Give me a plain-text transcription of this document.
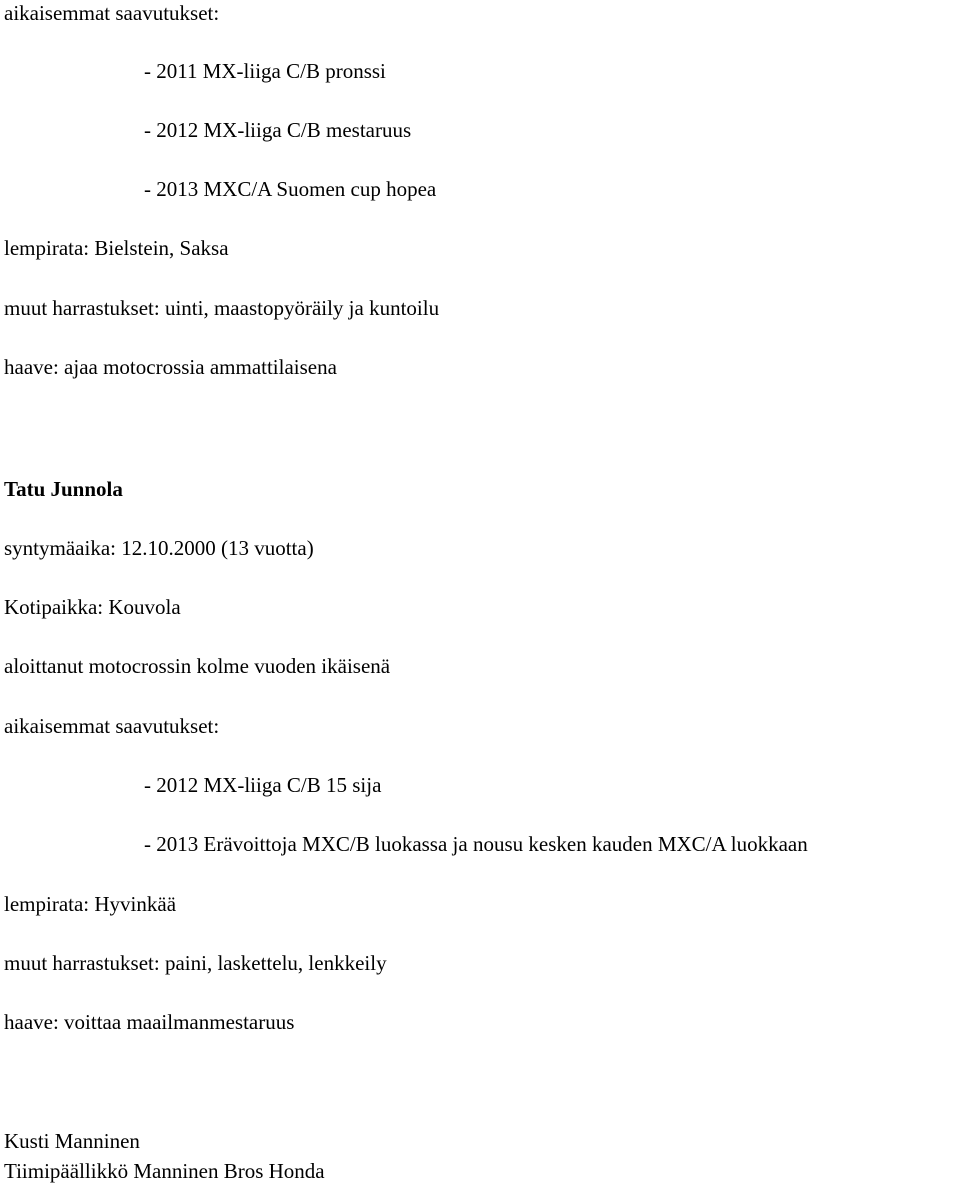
aikaisemmat saavutukset:

- 2011 MX-liiga C/B pronssi

- 2012 MX-liiga C/B mestaruus

- 2013 MXC/A Suomen cup hopea

lempirata: Bielstein, Saksa

muut harrastukset: uinti, maastopyöräily ja kuntoilu

haave: ajaa motocrossia ammattilaisena

Tatu Junnola

syntymäaika: 12.10.2000 (13 vuotta)

Kotipaikka: Kouvola

aloittanut motocrossin kolme vuoden ikäisenä

aikaisemmat saavutukset:

- 2012 MX-liiga C/B 15 sija

- 2013 Erävoittoja MXC/B luokassa ja nousu kesken kauden MXC/A luokkaan

lempirata: Hyvinkää

muut harrastukset: paini, laskettelu, lenkkeily

haave: voittaa maailmanmestaruus

Kusti Manninen

Tiimipäällikkö Manninen Bros Honda
